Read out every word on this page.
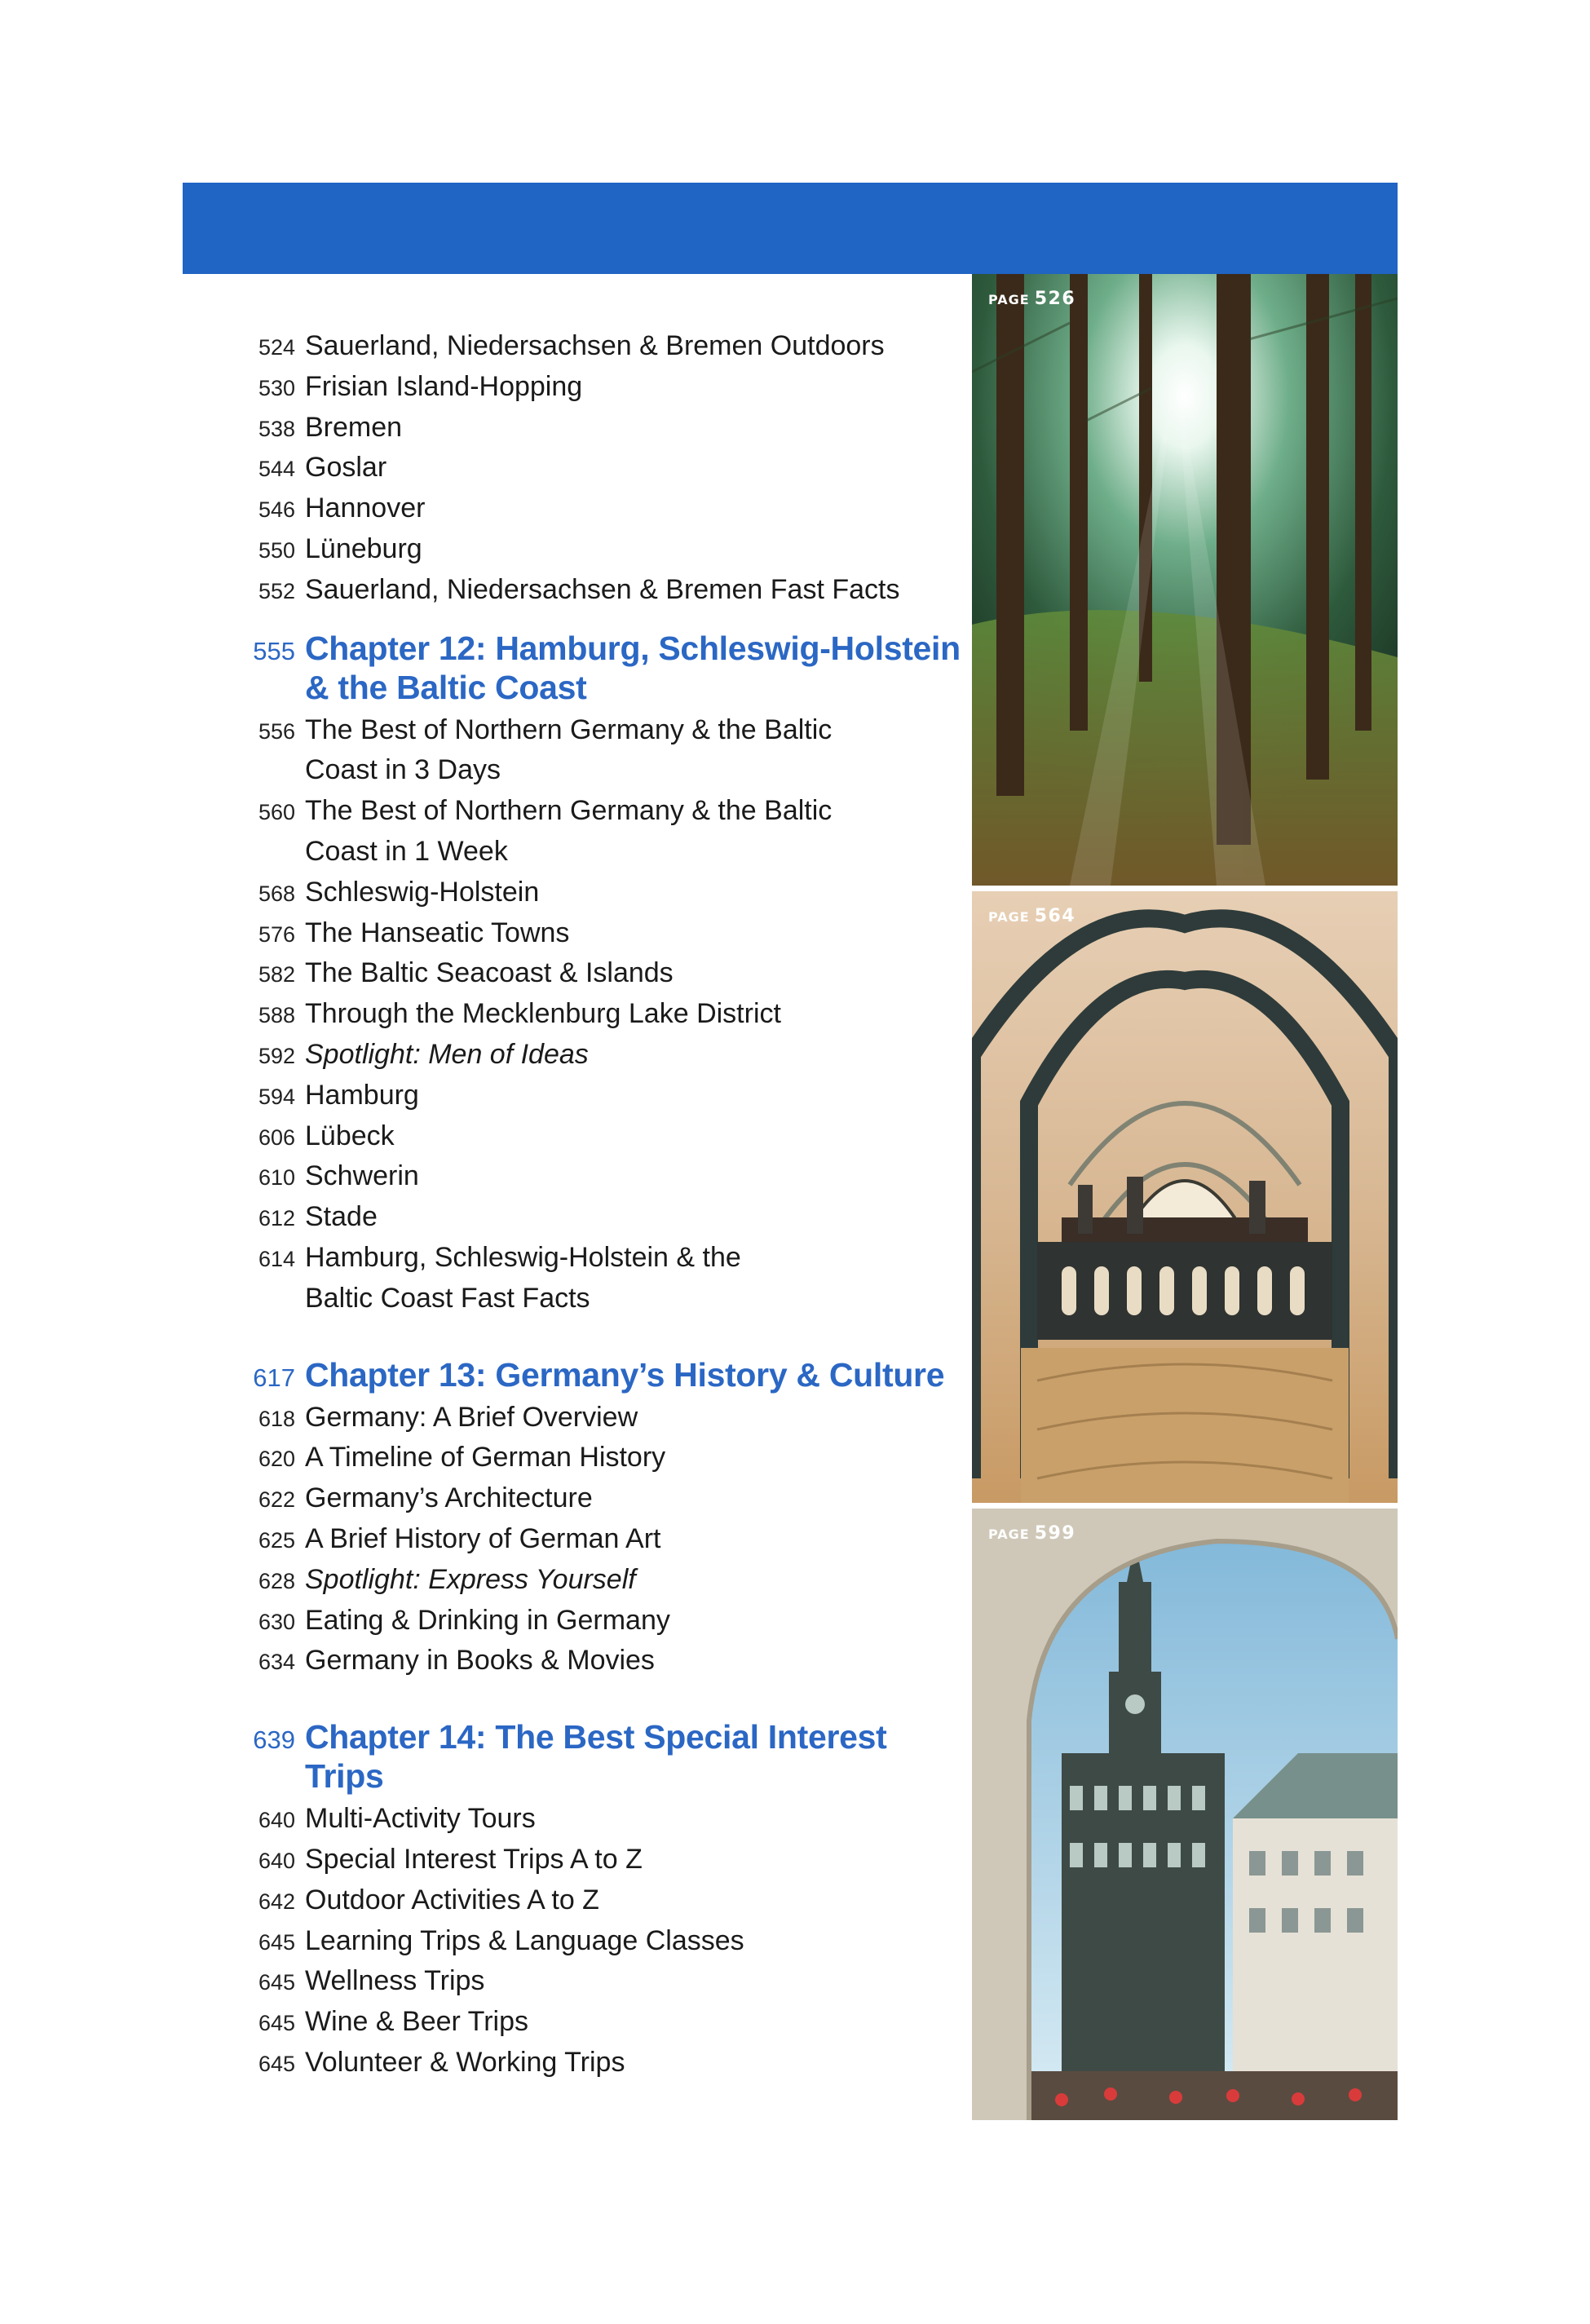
524 Sauerland, Niedersachsen & Bremen Outdoors
530 Frisian Island-Hopping
538 Bremen
544 Goslar
546 Hannover
550 Lüneburg
552 Sauerland, Niedersachsen & Bremen Fast Facts
555 Chapter 12: Hamburg, Schleswig-Holstein & the Baltic Coast
556 The Best of Northern Germany & the Baltic Coast in 3 Days
560 The Best of Northern Germany & the Baltic Coast in 1 Week
568 Schleswig-Holstein
576 The Hanseatic Towns
582 The Baltic Seacoast & Islands
588 Through the Mecklenburg Lake District
592 Spotlight: Men of Ideas
594 Hamburg
606 Lübeck
610 Schwerin
612 Stade
614 Hamburg, Schleswig-Holstein & the Baltic Coast Fast Facts
617 Chapter 13: Germany’s History & Culture
618 Germany: A Brief Overview
620 A Timeline of German History
622 Germany’s Architecture
625 A Brief History of German Art
628 Spotlight: Express Yourself
630 Eating & Drinking in Germany
634 Germany in Books & Movies
639 Chapter 14: The Best Special Interest Trips
640 Multi-Activity Tours
640 Special Interest Trips A to Z
642 Outdoor Activities A to Z
645 Learning Trips & Language Classes
645 Wellness Trips
645 Wine & Beer Trips
645 Volunteer & Working Trips
PAGE 526
PAGE 564
PAGE 599
